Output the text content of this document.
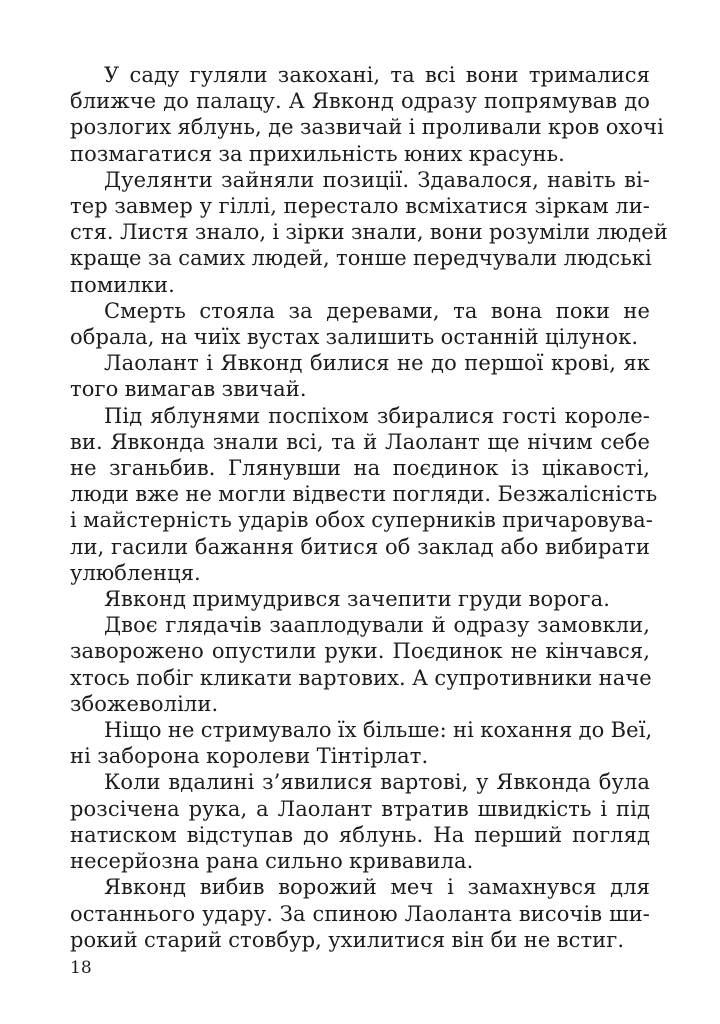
У саду гуляли закохані, та всі вони трималися
ближче до палацу. А Явконд одразу попрямував до
розлогих яблунь, де зазвичай і проливали кров охочі
позмагатися за прихильність юних красунь.

Дуелянти зайняли позиції. Здавалося, навіть ві-
тер завмер у гіллі, перестало всміхатися зіркам ли-
стя. Листя знало, і зірки знали, вони розуміли людей
краще за самих людей, тонше передчували людські
помилки.

Смерть стояла за деревами, та вона поки не
обрала, на чиїх вустах залишить останній цілунок.

Лаолант і Явконд билися не до першої крові, як
того вимагав звичай.

Під яблунями поспіхом збиралися гості короле-
ви. Явконда знали всі, та й Лаолант ще нічим себе
не зганьбив. Глянувши на поєдинок із цікавості,
люди вже не могли відвести погляди. Безжалісність
і майстерність ударів обох суперників причаровува-
ли, гасили бажання битися об заклад або вибирати
улюбленця.

Явконд примудрився зачепити груди ворога.

Двоє глядачів зааплодували й одразу замовкли,
заворожено опустили руки. Поєдинок не кінчався,
хтось побіг кликати вартових. А супротивники наче
збожеволіли.

Ніщо не стримувало їх більше: ні кохання до Веї,
ні заборона королеви Тінтірлат.

Коли вдалині з’явилися вартові, у Явконда була
розсічена рука, а Лаолант втратив швидкість і під
натиском відступав до яблунь. На перший погляд
несерйозна рана сильно кривавила.

Явконд вибив ворожий меч і замахнувся для
останнього удару. За спиною Лаоланта височів ши-
рокий старий стовбур, ухилитися він би не встиг.

18
